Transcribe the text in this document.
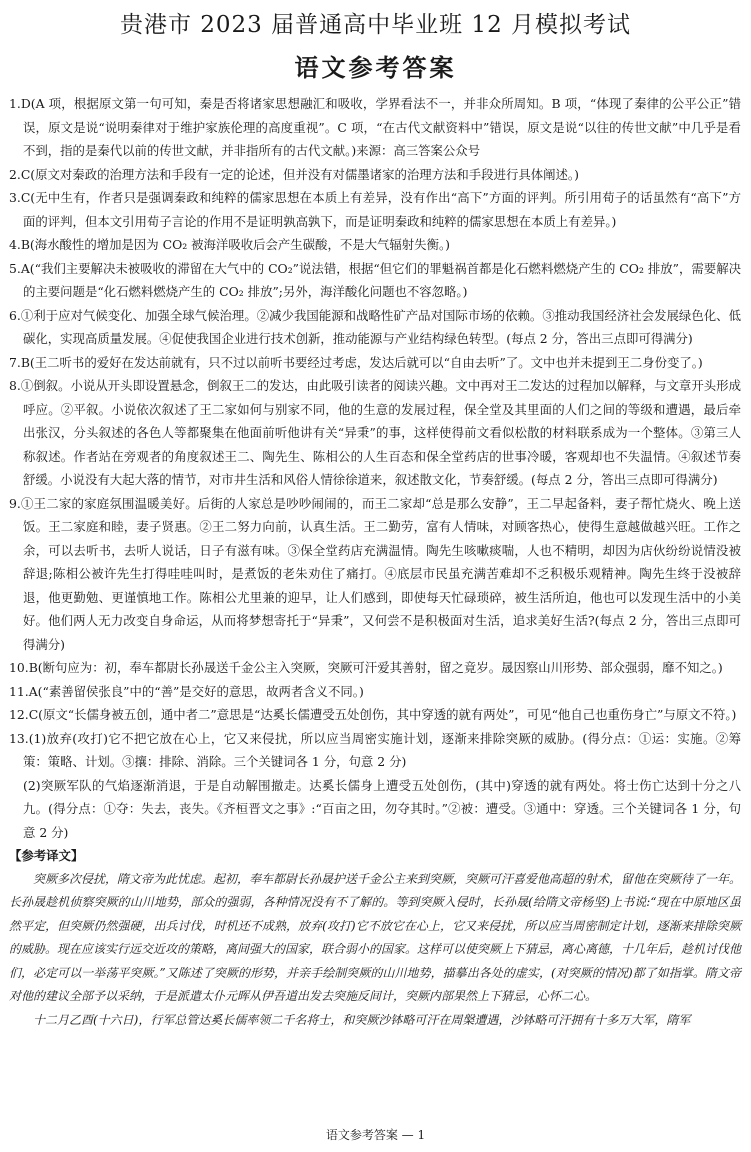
贵港市 2023 届普通高中毕业班 12 月模拟考试
语文参考答案

1.D(A 项，根据原文第一句可知，秦是否将诸家思想融汇和吸收，学界看法不一，并非众所周知。B 项，“体现了秦律的公平公正”错误，原文是说“说明秦律对于维护家族伦理的高度重视”。C 项，“在古代文献资料中”错误，原文是说“以往的传世文献”中几乎是看不到，指的是秦代以前的传世文献，并非指所有的古代文献。)来源：高三答案公众号

2.C(原文对秦政的治理方法和手段有一定的论述，但并没有对儒墨诸家的治理方法和手段进行具体阐述。)

3.C(无中生有，作者只是强调秦政和纯粹的儒家思想在本质上有差异，没有作出“高下”方面的评判。所引用荀子的话虽然有“高下”方面的评判，但本文引用荀子言论的作用不是证明孰高孰下，而是证明秦政和纯粹的儒家思想在本质上有差异。)

4.B(海水酸性的增加是因为 CO₂ 被海洋吸收后会产生碳酸，不是大气辐射失衡。)

5.A(“我们主要解决未被吸收的滞留在大气中的 CO₂”说法错，根据“但它们的罪魁祸首都是化石燃料燃烧产生的 CO₂ 排放”，需要解决的主要问题是“化石燃料燃烧产生的 CO₂ 排放”;另外，海洋酸化问题也不容忽略。)

6.①利于应对气候变化、加强全球气候治理。②减少我国能源和战略性矿产品对国际市场的依赖。③推动我国经济社会发展绿色化、低碳化，实现高质量发展。④促使我国企业进行技术创新，推动能源与产业结构绿色转型。(每点 2 分，答出三点即可得满分)

7.B(王二听书的爱好在发达前就有，只不过以前听书要经过考虑，发达后就可以“自由去听”了。文中也并未提到王二身份变了。)

8.①倒叙。小说从开头即设置悬念，倒叙王二的发达，由此吸引读者的阅读兴趣。文中再对王二发达的过程加以解释，与文章开头形成呼应。②平叙。小说依次叙述了王二家如何与别家不同，他的生意的发展过程，保全堂及其里面的人们之间的等级和遭遇，最后牵出张汉，分头叙述的各色人等都聚集在他面前听他讲有关“异秉”的事，这样使得前文看似松散的材料联系成为一个整体。③第三人称叙述。作者站在旁观者的角度叙述王二、陶先生、陈相公的人生百态和保全堂药店的世事冷暖，客观却也不失温情。④叙述节奏舒缓。小说没有大起大落的情节，对市井生活和风俗人情徐徐道来，叙述散文化，节奏舒缓。(每点 2 分，答出三点即可得满分)

9.①王二家的家庭氛围温暖美好。后街的人家总是吵吵闹闹的，而王二家却“总是那么安静”，王二早起备料，妻子帮忙烧火、晚上送饭。王二家庭和睦，妻子贤惠。②王二努力向前，认真生活。王二勤劳，富有人情味，对顾客热心，使得生意越做越兴旺。工作之余，可以去听书，去听人说话，日子有滋有味。③保全堂药店充满温情。陶先生咳嗽痰喘，人也不精明，却因为店伙纷纷说情没被辞退;陈相公被许先生打得哇哇叫时，是煮饭的老朱劝住了痛打。④底层市民虽充满苦难却不乏积极乐观精神。陶先生终于没被辞退，他更勤勉、更谨慎地工作。陈相公尤里兼的迎早，让人们感到，即使每天忙碌琐碎，被生活所迫，他也可以发现生活中的小美好。他们两人无力改变自身命运，从而将梦想寄托于“异秉”，又何尝不是积极面对生活，追求美好生活?(每点 2 分，答出三点即可得满分)

10.B(断句应为：初，奉车都尉长孙晟送千金公主入突厥，突厥可汗爱其善射，留之竟岁。晟因察山川形势、部众强弱，靡不知之。)

11.A(“素善留侯张良”中的“善”是交好的意思，故两者含义不同。)

12.C(原文“长儒身被五创，通中者二”意思是“达奚长儒遭受五处创伤，其中穿透的就有两处”，可见“他自己也重伤身亡”与原文不符。)

13.(1)放弃(攻打)它不把它放在心上，它又来侵扰，所以应当周密实施计划，逐渐来排除突厥的威胁。(得分点：①运：实施。②筹策：策略、计划。③攘：排除、消除。三个关键词各 1 分，句意 2 分)

(2)突厥军队的气焰逐渐消退，于是自动解围撤走。达奚长儒身上遭受五处创伤，(其中)穿透的就有两处。将士伤亡达到十分之八九。(得分点：①夺：失去，丧失。《齐桓晋文之事》:“百亩之田，勿夺其时。”②被：遭受。③通中：穿透。三个关键词各 1 分，句意 2 分)

【参考译文】

突厥多次侵扰，隋文帝为此忧虑。起初，奉车都尉长孙晟护送千金公主来到突厥，突厥可汗喜爱他高超的射术，留他在突厥待了一年。长孙晟趁机侦察突厥的山川地势，部众的强弱，各种情况没有不了解的。等到突厥入侵时，长孙晟(给隋文帝杨坚)上书说:“现在中原地区虽然平定，但突厥仍然强硬，出兵讨伐，时机还不成熟，放弃(攻打)它不放它在心上，它又来侵扰，所以应当周密制定计划，逐渐来排除突厥的威胁。现在应该实行远交近攻的策略，离间强大的国家，联合弱小的国家。这样可以使突厥上下猜忌，离心离德，十几年后，趁机讨伐他们，必定可以一举荡平突厥。”又陈述了突厥的形势，并亲手绘制突厥的山川地势，描摹出各处的虚实，(对突厥的情况)都了如指掌。隋文帝对他的建议全部予以采纳，于是派遣太仆元晖从伊吾道出发去突施反间计，突厥内部果然上下猜忌，心怀二心。

十二月乙酉(十六日)，行军总管达奚长儒率领二千名将士，和突厥沙钵略可汗在周槃遭遇，沙钵略可汗拥有十多万大军，隋军

语文参考答案 — 1
